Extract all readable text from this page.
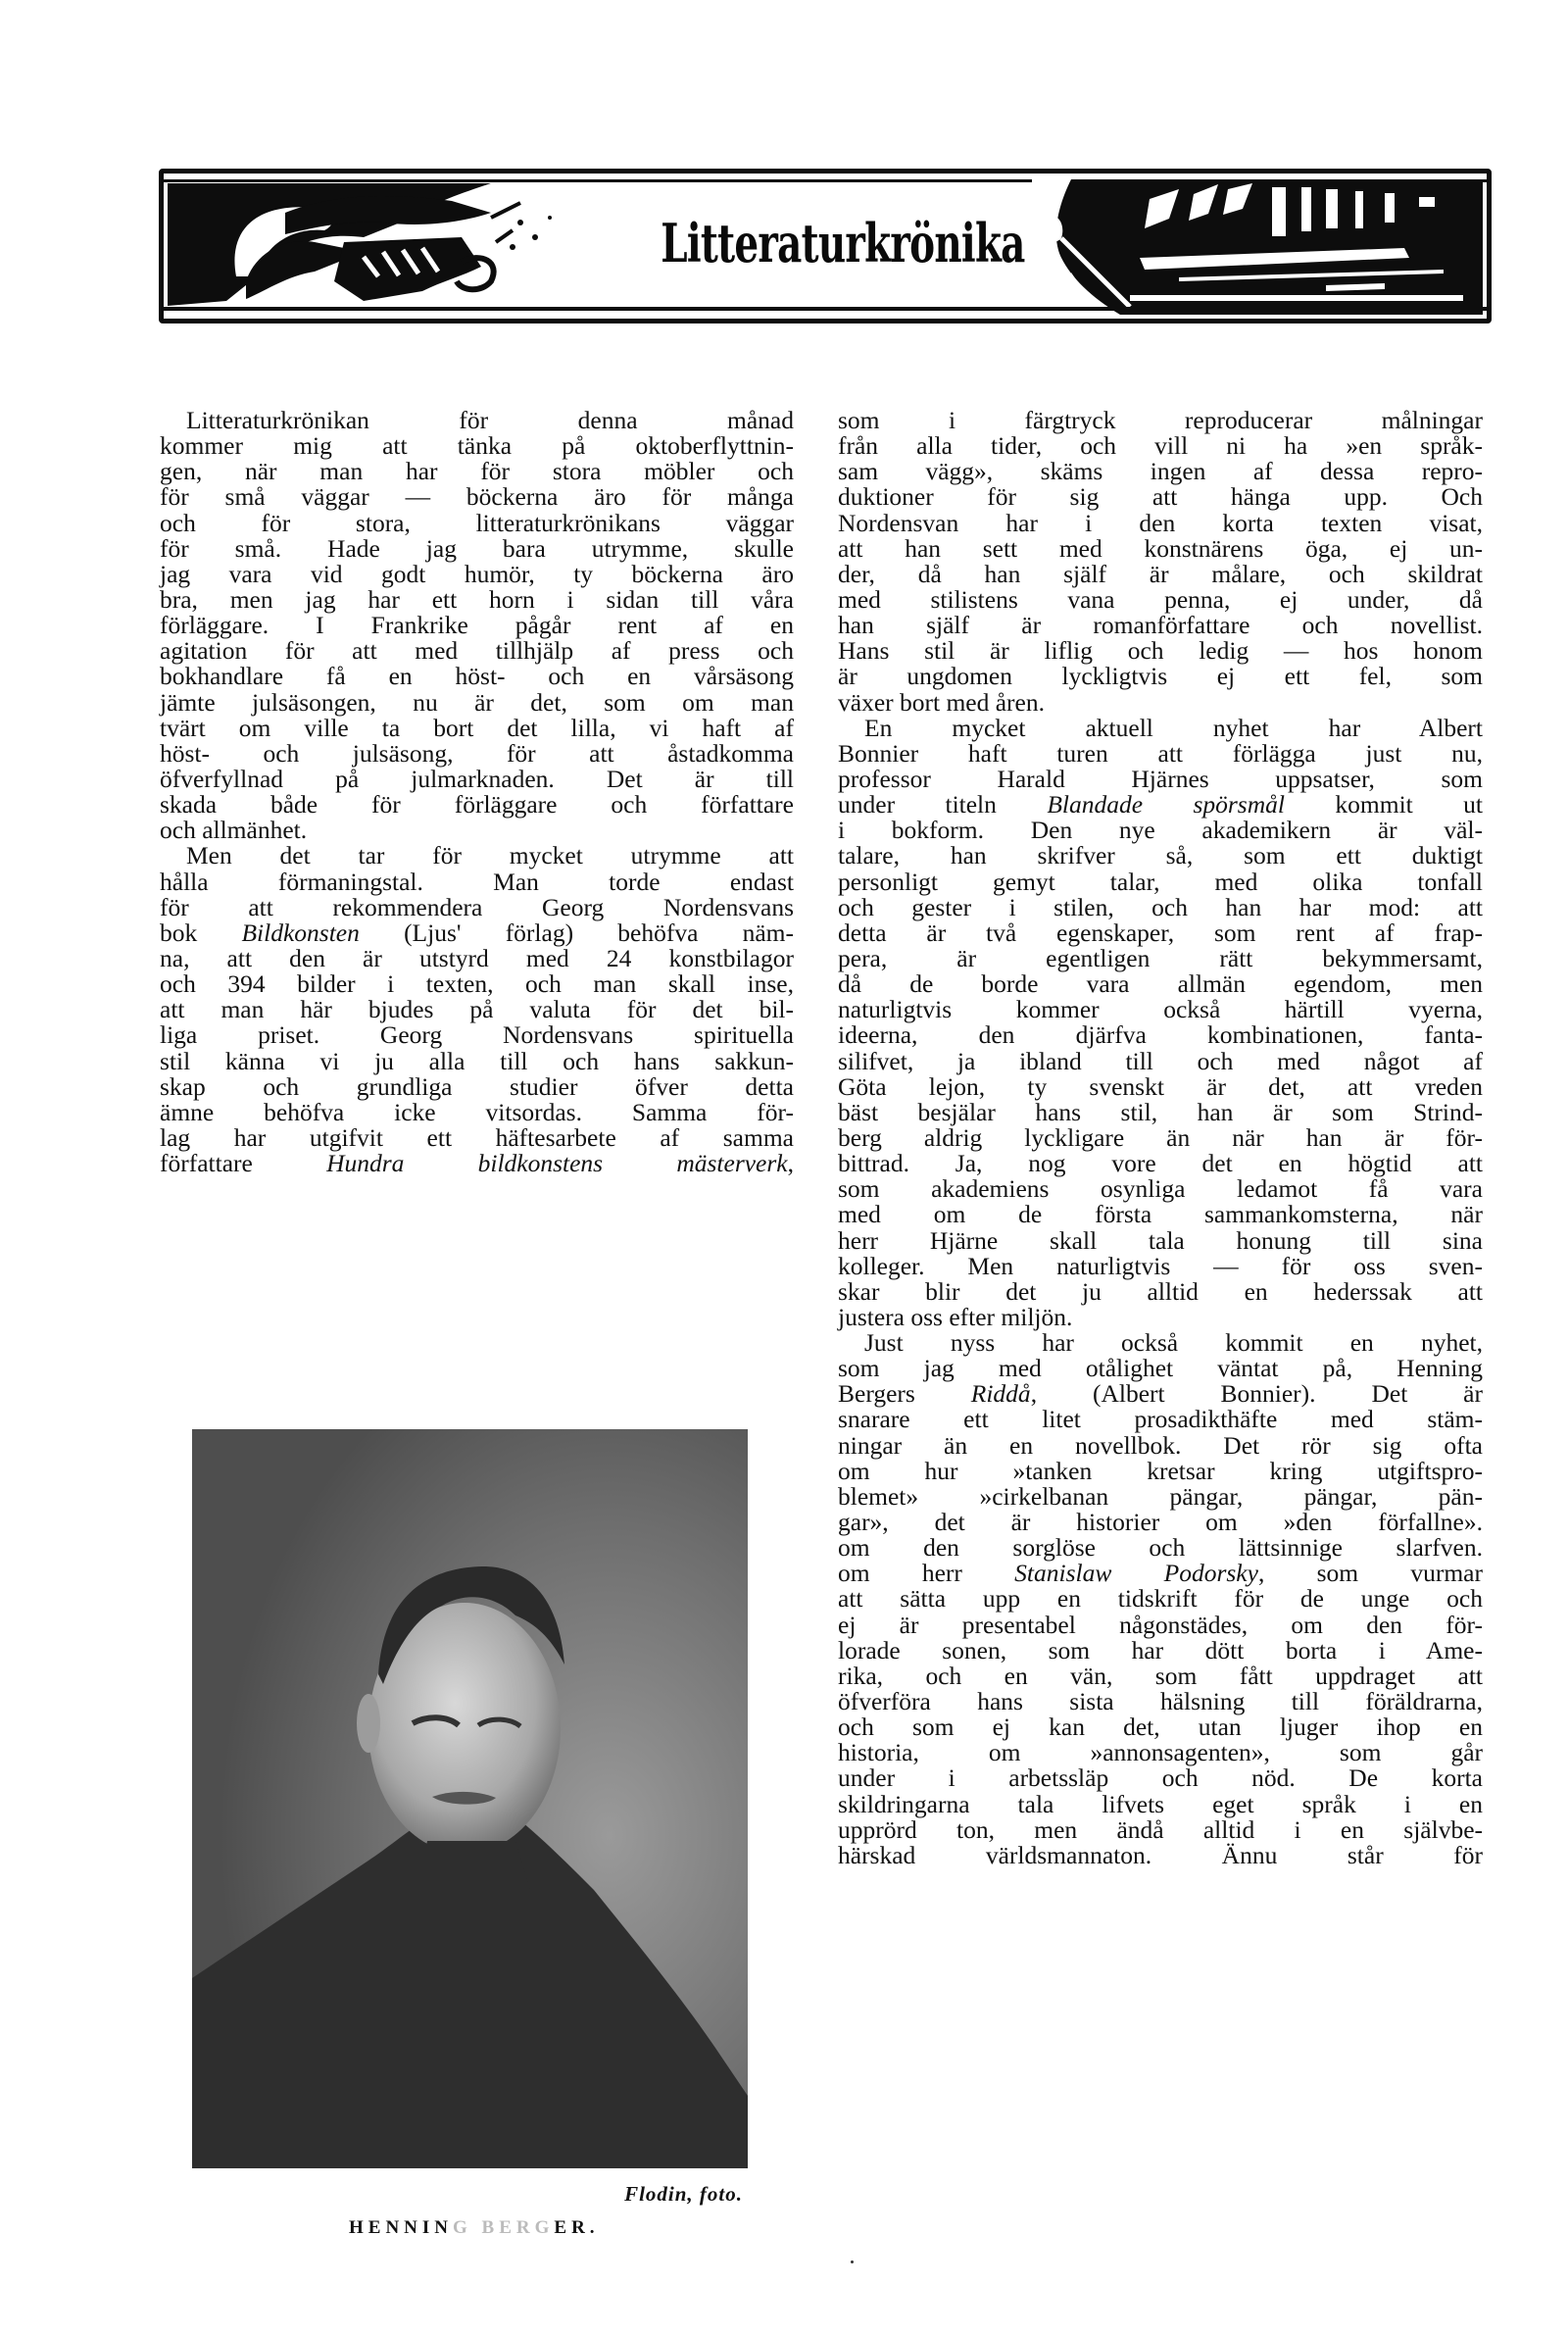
Litteraturkrönika
Litteraturkrönikan för denna månad
kommer mig att tänka på oktoberflyttnin-
gen, när man har för stora möbler och
för små väggar — böckerna äro för många
och för stora, litteraturkrönikans väggar
för små. Hade jag bara utrymme, skulle
jag vara vid godt humör, ty böckerna äro
bra, men jag har ett horn i sidan till våra
förläggare. I Frankrike pågår rent af en
agitation för att med tillhjälp af press och
bokhandlare få en höst- och en vårsäsong
jämte julsäsongen, nu är det, som om man
tvärt om ville ta bort det lilla, vi haft af
höst- och julsäsong, för att åstadkomma
öfverfyllnad på julmarknaden. Det är till
skada både för förläggare och författare
och allmänhet.
Men det tar för mycket utrymme att
hålla förmaningstal. Man torde endast
för att rekommendera Georg Nordensvans
bok Bildkonsten (Ljus' förlag) behöfva näm-
na, att den är utstyrd med 24 konstbilagor
och 394 bilder i texten, och man skall inse,
att man här bjudes på valuta för det bil-
liga priset. Georg Nordensvans spirituella
stil känna vi ju alla till och hans sakkun-
skap och grundliga studier öfver detta
ämne behöfva icke vitsordas. Samma för-
lag har utgifvit ett häftesarbete af samma
författare Hundra bildkonstens mästerverk,
Flodin, foto.
HENNING BERGER.
som i färgtryck reproducerar målningar
från alla tider, och vill ni ha »en språk-
sam vägg», skäms ingen af dessa repro-
duktioner för sig att hänga upp. Och
Nordensvan har i den korta texten visat,
att han sett med konstnärens öga, ej un-
der, då han själf är målare, och skildrat
med stilistens vana penna, ej under, då
han själf är romanförfattare och novellist.
Hans stil är liflig och ledig — hos honom
är ungdomen lyckligtvis ej ett fel, som
växer bort med åren.
En mycket aktuell nyhet har Albert
Bonnier haft turen att förlägga just nu,
professor Harald Hjärnes uppsatser, som
under titeln Blandade spörsmål kommit ut
i bokform. Den nye akademikern är väl-
talare, han skrifver så, som ett duktigt
personligt gemyt talar, med olika tonfall
och gester i stilen, och han har mod: att
detta är två egenskaper, som rent af frap-
pera, är egentligen rätt bekymmersamt,
då de borde vara allmän egendom, men
naturligtvis kommer också härtill vyerna,
ideerna, den djärfva kombinationen, fanta-
silifvet, ja ibland till och med något af
Göta lejon, ty svenskt är det, att vreden
bäst besjälar hans stil, han är som Strind-
berg aldrig lyckligare än när han är för-
bittrad. Ja, nog vore det en högtid att
som akademiens osynliga ledamot få vara
med om de första sammankomsterna, när
herr Hjärne skall tala honung till sina
kolleger. Men naturligtvis — för oss sven-
skar blir det ju alltid en hederssak att
justera oss efter miljön.
Just nyss har också kommit en nyhet,
som jag med otålighet väntat på, Henning
Bergers Riddå, (Albert Bonnier). Det är
snarare ett litet prosadikthäfte med stäm-
ningar än en novellbok. Det rör sig ofta
om hur »tanken kretsar kring utgiftspro-
blemet» »cirkelbanan pängar, pängar, pän-
gar», det är historier om »den förfallne».
om den sorglöse och lättsinnige slarfven.
om herr Stanislaw Podorsky, som vurmar
att sätta upp en tidskrift för de unge och
ej är presentabel någonstädes, om den för-
lorade sonen, som har dött borta i Ame-
rika, och en vän, som fått uppdraget att
öfverföra hans sista hälsning till föräldrarna,
och som ej kan det, utan ljuger ihop en
historia, om »annonsagenten», som går
under i arbetssläp och nöd. De korta
skildringarna tala lifvets eget språk i en
upprörd ton, men ändå alltid i en självbe-
härskad världsmannaton. Ännu står för
